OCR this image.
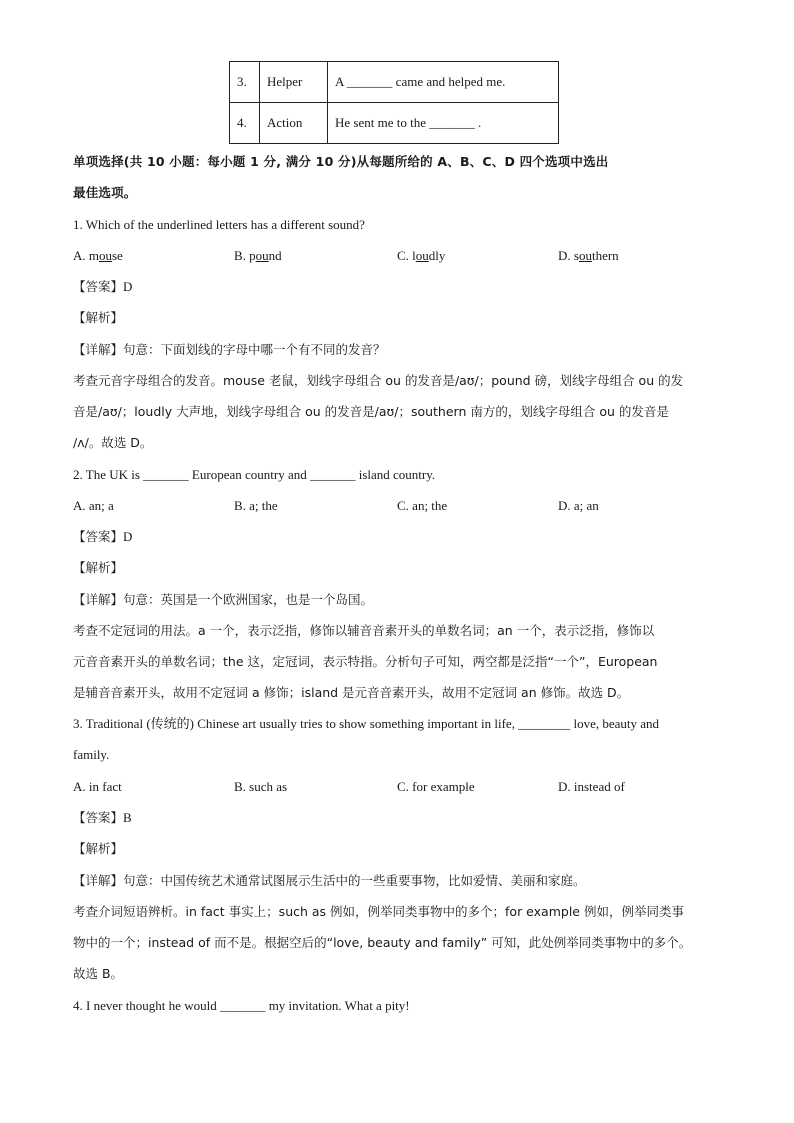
3.	Helper	A _______ came and helped me.
4.	Action	He sent me to the _______ .
单项选择(共 10 小题：每小题 1 分, 满分 10 分)从每题所给的 A、B、C、D 四个选项中选出
最佳选项。
1. Which of the underlined letters has a different sound?
A. mouse	B. pound	C. loudly	D. southern
【答案】D
【解析】
【详解】句意：下面划线的字母中哪一个有不同的发音？
考查元音字母组合的发音。mouse 老鼠，划线字母组合 ou 的发音是/aʊ/；pound 磅，划线字母组合 ou 的发
音是/aʊ/；loudly 大声地，划线字母组合 ou 的发音是/aʊ/；southern 南方的，划线字母组合 ou 的发音是
/ʌ/。故选 D。
2. The UK is _______ European country and _______ island country.
A. an; a	B. a; the	C. an; the	D. a; an
【答案】D
【解析】
【详解】句意：英国是一个欧洲国家，也是一个岛国。
考查不定冠词的用法。a 一个，表示泛指，修饰以辅音音素开头的单数名词；an 一个，表示泛指，修饰以
元音音素开头的单数名词；the 这，定冠词，表示特指。分析句子可知，两空都是泛指“一个”，European
是辅音音素开头，故用不定冠词 a 修饰；island 是元音音素开头，故用不定冠词 an 修饰。故选 D。
3. Traditional (传统的) Chinese art usually tries to show something important in life, ________ love, beauty and
family.
A. in fact	B. such as	C. for example	D. instead of
【答案】B
【解析】
【详解】句意：中国传统艺术通常试图展示生活中的一些重要事物，比如爱情、美丽和家庭。
考查介词短语辨析。in fact 事实上；such as 例如，例举同类事物中的多个；for example 例如，例举同类事
物中的一个；instead of 而不是。根据空后的“love, beauty and family” 可知，此处例举同类事物中的多个。
故选 B。
4. I never thought he would _______ my invitation. What a pity!
